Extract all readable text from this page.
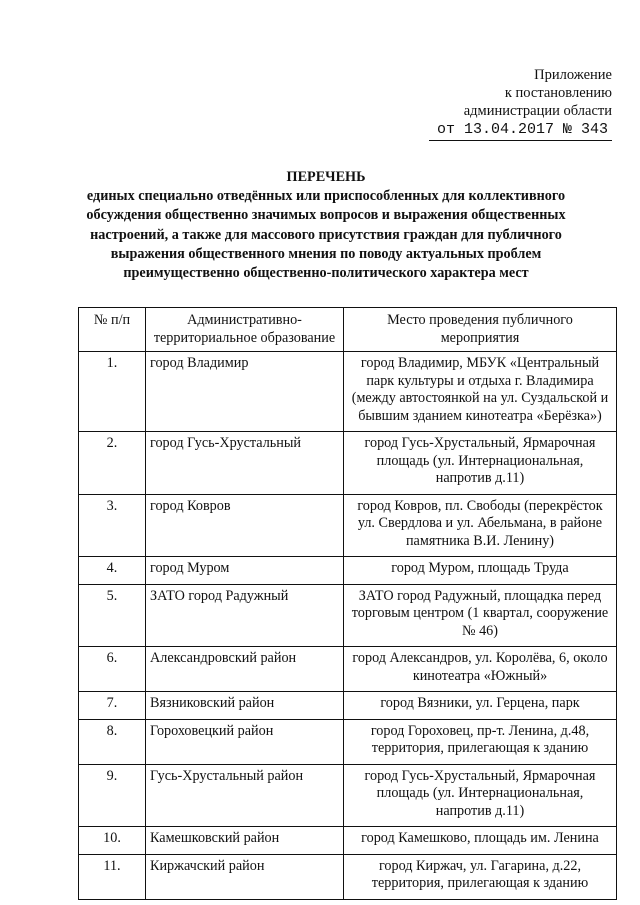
Приложение
к постановлению
администрации области
от 13.04.2017 № 343
ПЕРЕЧЕНЬ
единых специально отведённых или приспособленных для коллективного обсуждения общественно значимых вопросов и выражения общественных настроений, а также для массового присутствия граждан для публичного выражения общественного мнения по поводу актуальных проблем преимущественно общественно-политического характера мест
№ п/п	Административно-территориальное образование	Место проведения публичного мероприятия
1.	город Владимир	город Владимир, МБУК «Центральный парк культуры и отдыха г. Владимира (между автостоянкой на ул. Суздальской и бывшим зданием кинотеатра «Берёзка»)
2.	город Гусь-Хрустальный	город Гусь-Хрустальный, Ярмарочная площадь (ул. Интернациональная, напротив д.11)
3.	город Ковров	город Ковров, пл. Свободы (перекрёсток ул. Свердлова и ул. Абельмана, в районе памятника В.И. Ленину)
4.	город Муром	город Муром, площадь Труда
5.	ЗАТО город Радужный	ЗАТО город Радужный, площадка перед торговым центром (1 квартал, сооружение № 46)
6.	Александровский район	город Александров, ул. Королёва, 6, около кинотеатра «Южный»
7.	Вязниковский район	город Вязники, ул. Герцена, парк
8.	Гороховецкий район	город Гороховец, пр-т. Ленина, д.48, территория, прилегающая к зданию
9.	Гусь-Хрустальный район	город Гусь-Хрустальный, Ярмарочная площадь (ул. Интернациональная, напротив д.11)
10.	Камешковский район	город Камешково, площадь им. Ленина
11.	Киржачский район	город Киржач, ул. Гагарина, д.22, территория, прилегающая к зданию
